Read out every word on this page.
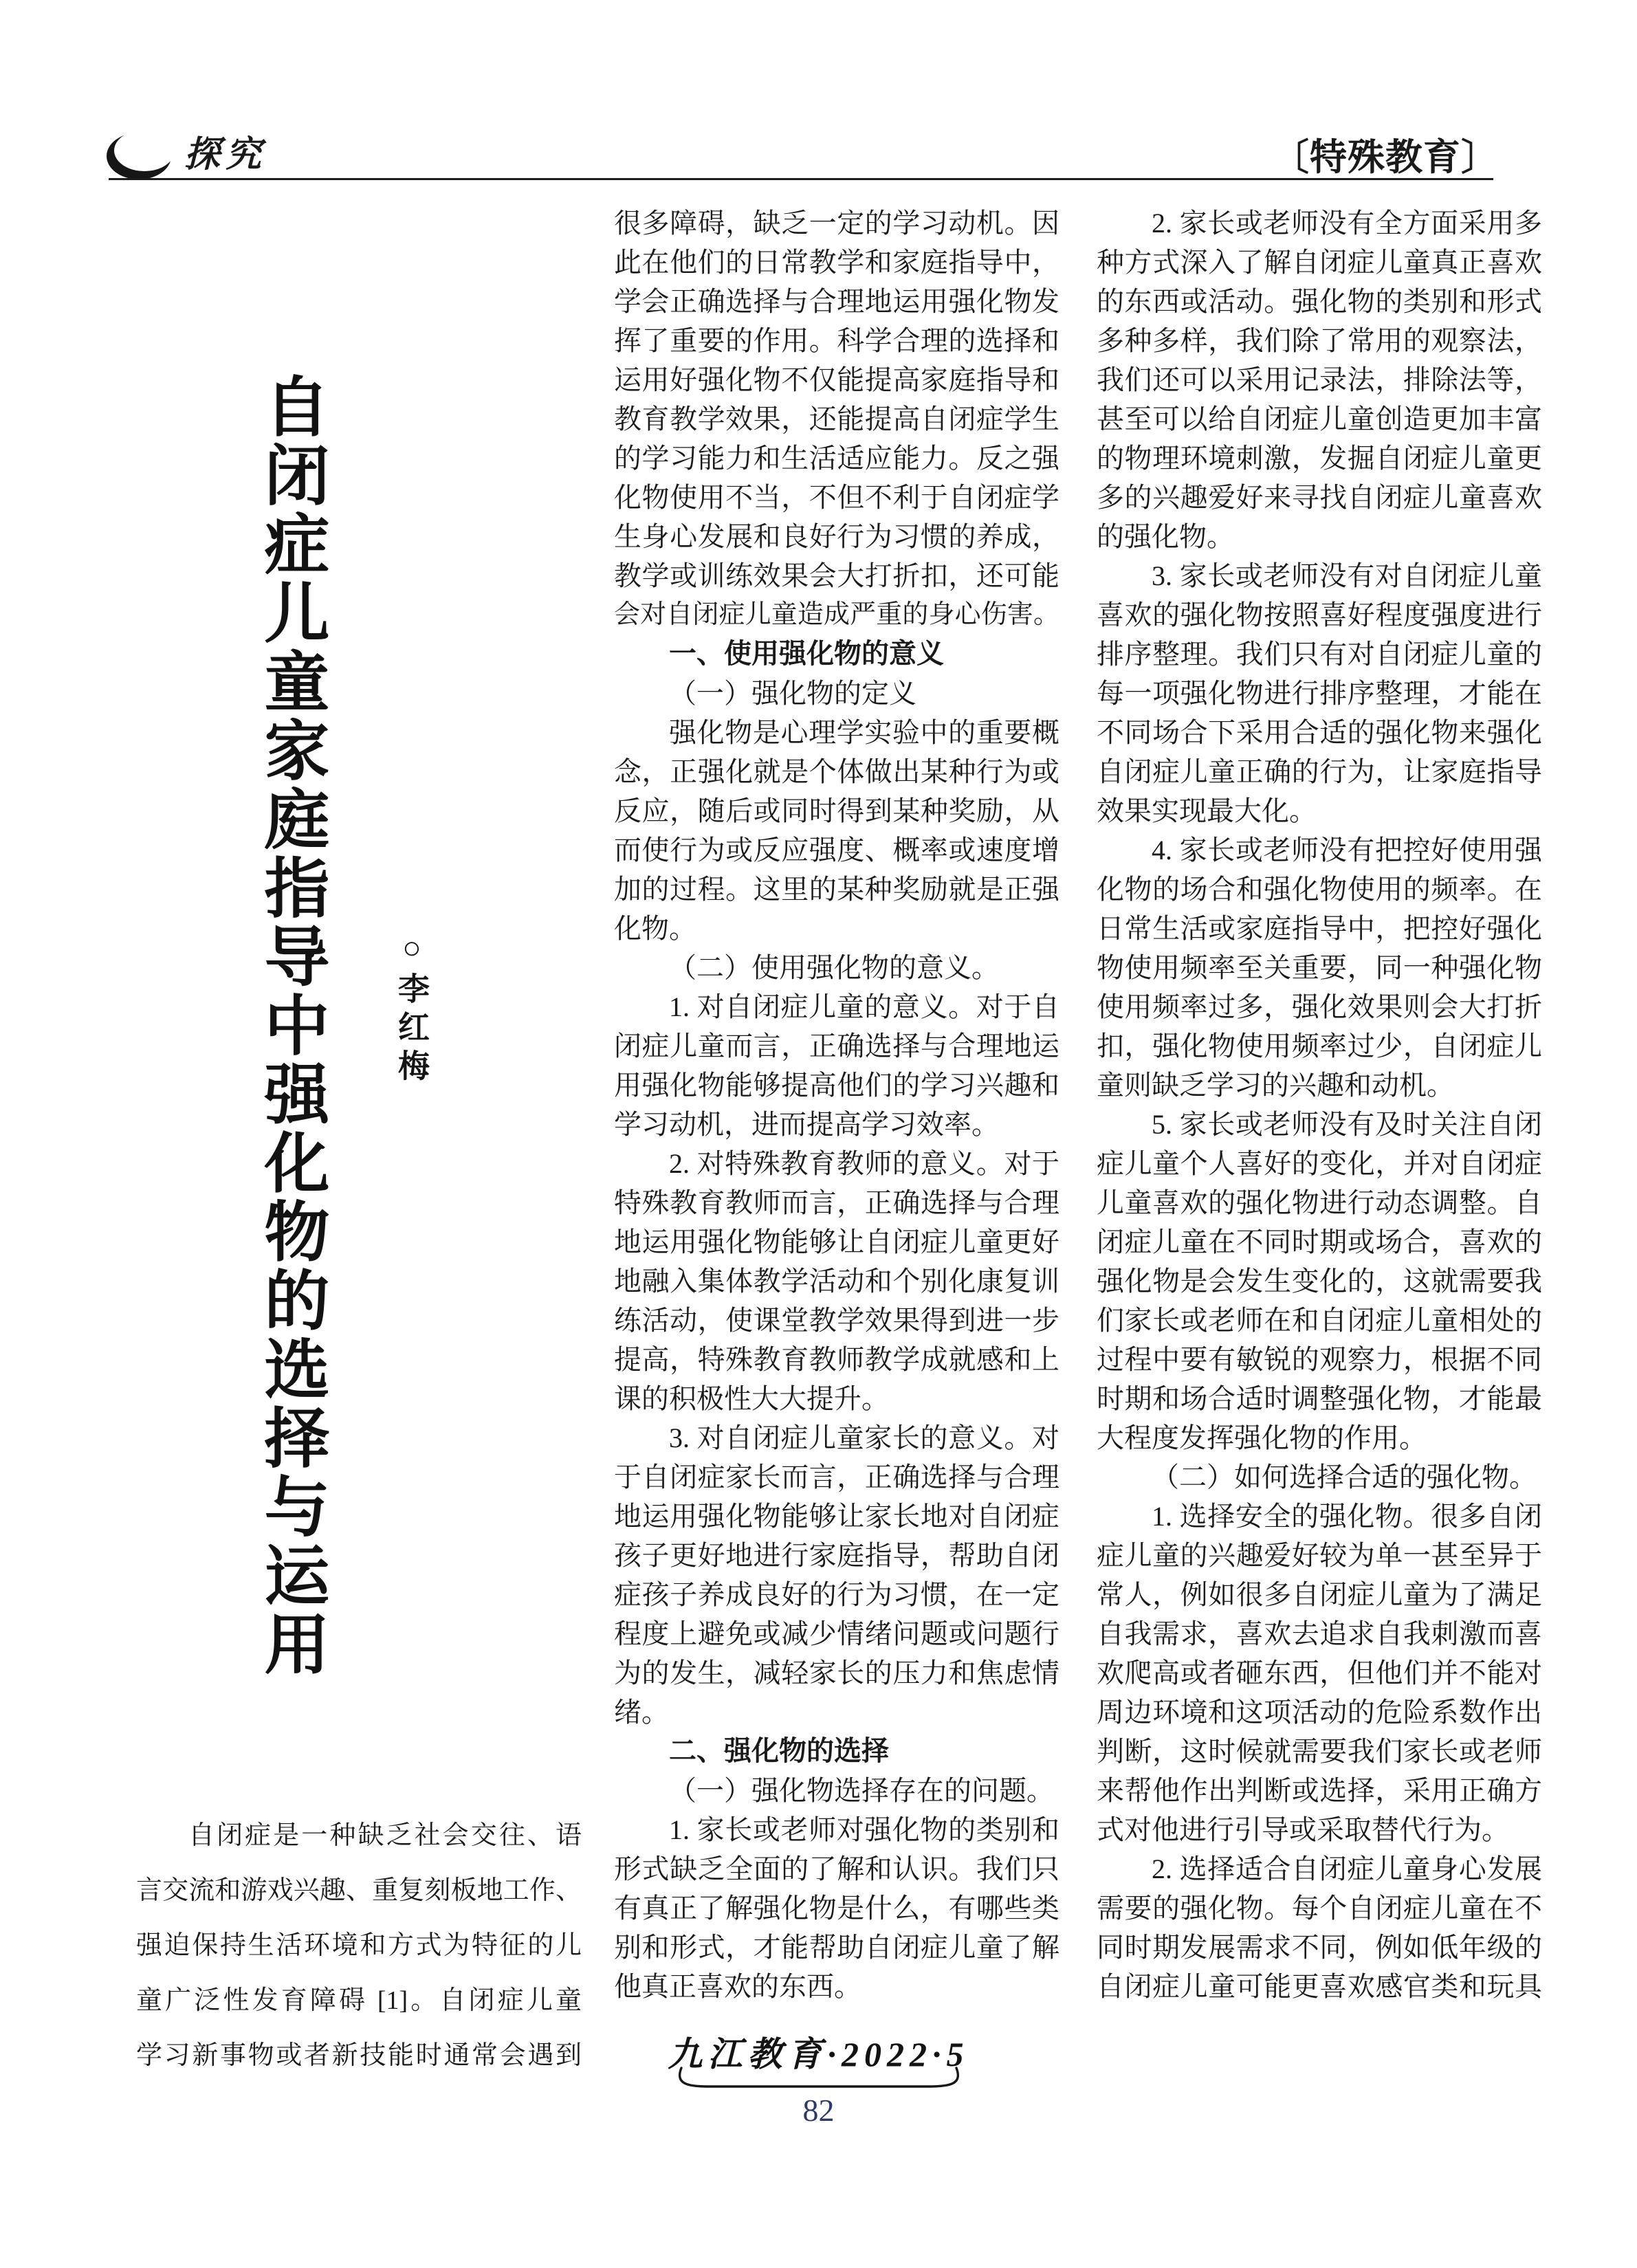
探究	〔特殊教育〕
自闭症儿童家庭指导中强化物的选择与运用 ○李红梅
自闭症是一种缺乏社会交往、语
言交流和游戏兴趣、重复刻板地工作、
强迫保持生活环境和方式为特征的儿
童广泛性发育障碍 [1]。自闭症儿童
学习新事物或者新技能时通常会遇到
很多障碍，缺乏一定的学习动机。因
此在他们的日常教学和家庭指导中，
学会正确选择与合理地运用强化物发
挥了重要的作用。科学合理的选择和
运用好强化物不仅能提高家庭指导和
教育教学效果，还能提高自闭症学生
的学习能力和生活适应能力。反之强
化物使用不当，不但不利于自闭症学
生身心发展和良好行为习惯的养成，
教学或训练效果会大打折扣，还可能
会对自闭症儿童造成严重的身心伤害。
一、使用强化物的意义
（一）强化物的定义
强化物是心理学实验中的重要概
念，正强化就是个体做出某种行为或
反应，随后或同时得到某种奖励，从
而使行为或反应强度、概率或速度增
加的过程。这里的某种奖励就是正强
化物。
（二）使用强化物的意义。
1. 对自闭症儿童的意义。对于自
闭症儿童而言，正确选择与合理地运
用强化物能够提高他们的学习兴趣和
学习动机，进而提高学习效率。
2. 对特殊教育教师的意义。对于
特殊教育教师而言，正确选择与合理
地运用强化物能够让自闭症儿童更好
地融入集体教学活动和个别化康复训
练活动，使课堂教学效果得到进一步
提高，特殊教育教师教学成就感和上
课的积极性大大提升。
3. 对自闭症儿童家长的意义。对
于自闭症家长而言，正确选择与合理
地运用强化物能够让家长地对自闭症
孩子更好地进行家庭指导，帮助自闭
症孩子养成良好的行为习惯，在一定
程度上避免或减少情绪问题或问题行
为的发生，减轻家长的压力和焦虑情
绪。
二、强化物的选择
（一）强化物选择存在的问题。
1. 家长或老师对强化物的类别和
形式缺乏全面的了解和认识。我们只
有真正了解强化物是什么，有哪些类
别和形式，才能帮助自闭症儿童了解
他真正喜欢的东西。
2. 家长或老师没有全方面采用多
种方式深入了解自闭症儿童真正喜欢
的东西或活动。强化物的类别和形式
多种多样，我们除了常用的观察法，
我们还可以采用记录法，排除法等，
甚至可以给自闭症儿童创造更加丰富
的物理环境刺激，发掘自闭症儿童更
多的兴趣爱好来寻找自闭症儿童喜欢
的强化物。
3. 家长或老师没有对自闭症儿童
喜欢的强化物按照喜好程度强度进行
排序整理。我们只有对自闭症儿童的
每一项强化物进行排序整理，才能在
不同场合下采用合适的强化物来强化
自闭症儿童正确的行为，让家庭指导
效果实现最大化。
4. 家长或老师没有把控好使用强
化物的场合和强化物使用的频率。在
日常生活或家庭指导中，把控好强化
物使用频率至关重要，同一种强化物
使用频率过多，强化效果则会大打折
扣，强化物使用频率过少，自闭症儿
童则缺乏学习的兴趣和动机。
5. 家长或老师没有及时关注自闭
症儿童个人喜好的变化，并对自闭症
儿童喜欢的强化物进行动态调整。自
闭症儿童在不同时期或场合，喜欢的
强化物是会发生变化的，这就需要我
们家长或老师在和自闭症儿童相处的
过程中要有敏锐的观察力，根据不同
时期和场合适时调整强化物，才能最
大程度发挥强化物的作用。
（二）如何选择合适的强化物。
1. 选择安全的强化物。很多自闭
症儿童的兴趣爱好较为单一甚至异于
常人，例如很多自闭症儿童为了满足
自我需求，喜欢去追求自我刺激而喜
欢爬高或者砸东西，但他们并不能对
周边环境和这项活动的危险系数作出
判断，这时候就需要我们家长或老师
来帮他作出判断或选择，采用正确方
式对他进行引导或采取替代行为。
2. 选择适合自闭症儿童身心发展
需要的强化物。每个自闭症儿童在不
同时期发展需求不同，例如低年级的
自闭症儿童可能更喜欢感官类和玩具
九江教育·2022·5
82
